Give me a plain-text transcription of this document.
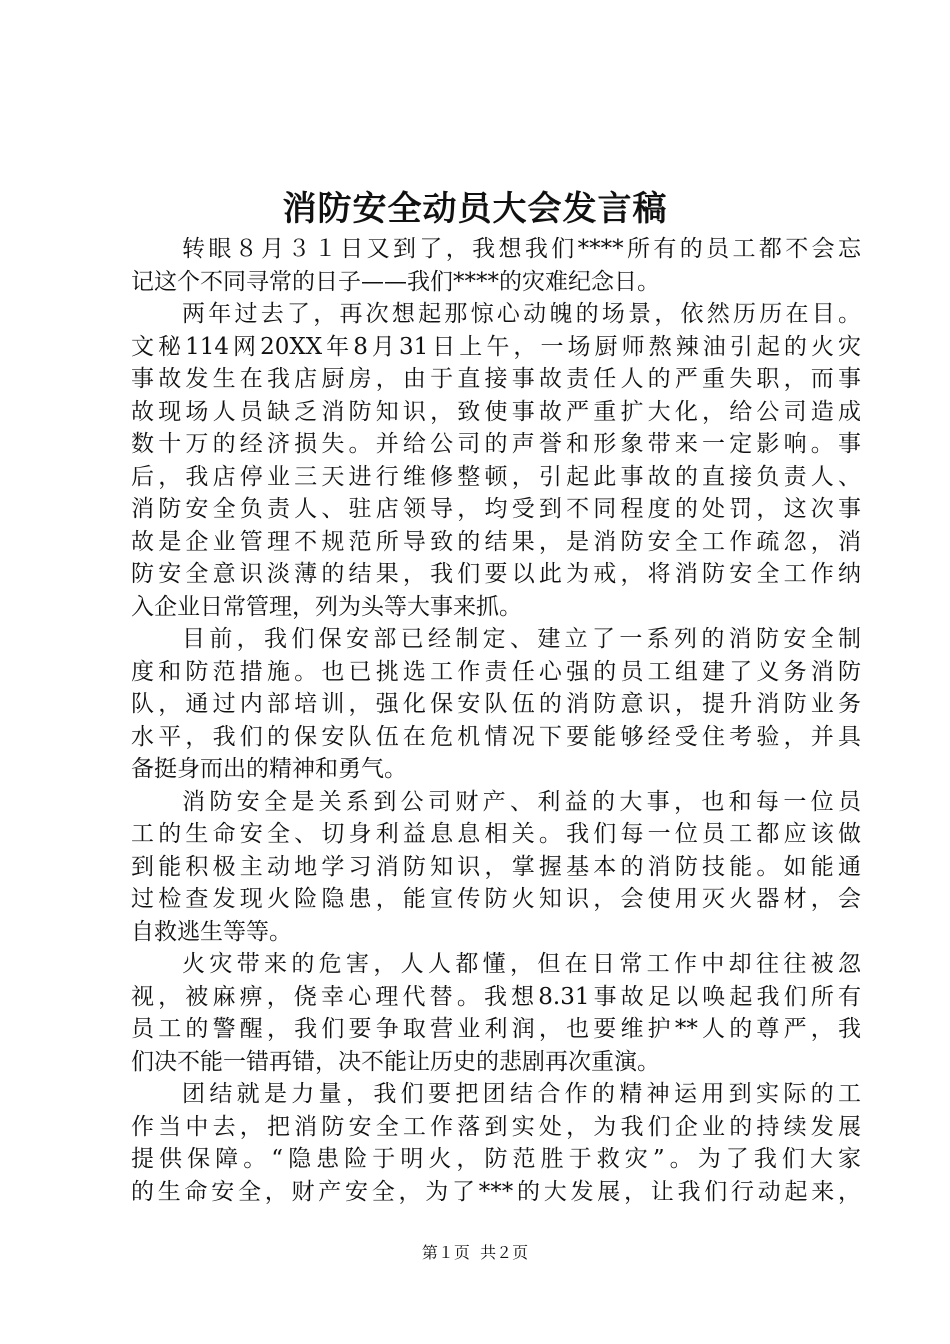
消防安全动员大会发言稿
转眼８月３１日又到了，我想我们****所有的员工都不会忘
记这个不同寻常的日子——我们****的灾难纪念日。
两年过去了，再次想起那惊心动魄的场景，依然历历在目。
文秘114网20XX年8月31日上午，一场厨师熬辣油引起的火灾
事故发生在我店厨房，由于直接事故责任人的严重失职，而事
故现场人员缺乏消防知识，致使事故严重扩大化，给公司造成
数十万的经济损失。并给公司的声誉和形象带来一定影响。事
后，我店停业三天进行维修整顿，引起此事故的直接负责人、
消防安全负责人、驻店领导，均受到不同程度的处罚，这次事
故是企业管理不规范所导致的结果，是消防安全工作疏忽，消
防安全意识淡薄的结果，我们要以此为戒，将消防安全工作纳
入企业日常管理，列为头等大事来抓。
目前，我们保安部已经制定、建立了一系列的消防安全制
度和防范措施。也已挑选工作责任心强的员工组建了义务消防
队，通过内部培训，强化保安队伍的消防意识，提升消防业务
水平，我们的保安队伍在危机情况下要能够经受住考验，并具
备挺身而出的精神和勇气。
消防安全是关系到公司财产、利益的大事，也和每一位员
工的生命安全、切身利益息息相关。我们每一位员工都应该做
到能积极主动地学习消防知识，掌握基本的消防技能。如能通
过检查发现火险隐患，能宣传防火知识，会使用灭火器材，会
自救逃生等等。
火灾带来的危害，人人都懂，但在日常工作中却往往被忽
视，被麻痹，侥幸心理代替。我想8.31事故足以唤起我们所有
员工的警醒，我们要争取营业利润，也要维护**人的尊严，我
们决不能一错再错，决不能让历史的悲剧再次重演。
团结就是力量，我们要把团结合作的精神运用到实际的工
作当中去，把消防安全工作落到实处，为我们企业的持续发展
提供保障。“隐患险于明火，防范胜于救灾”。为了我们大家
的生命安全，财产安全，为了***的大发展，让我们行动起来，
第１页  共２页
